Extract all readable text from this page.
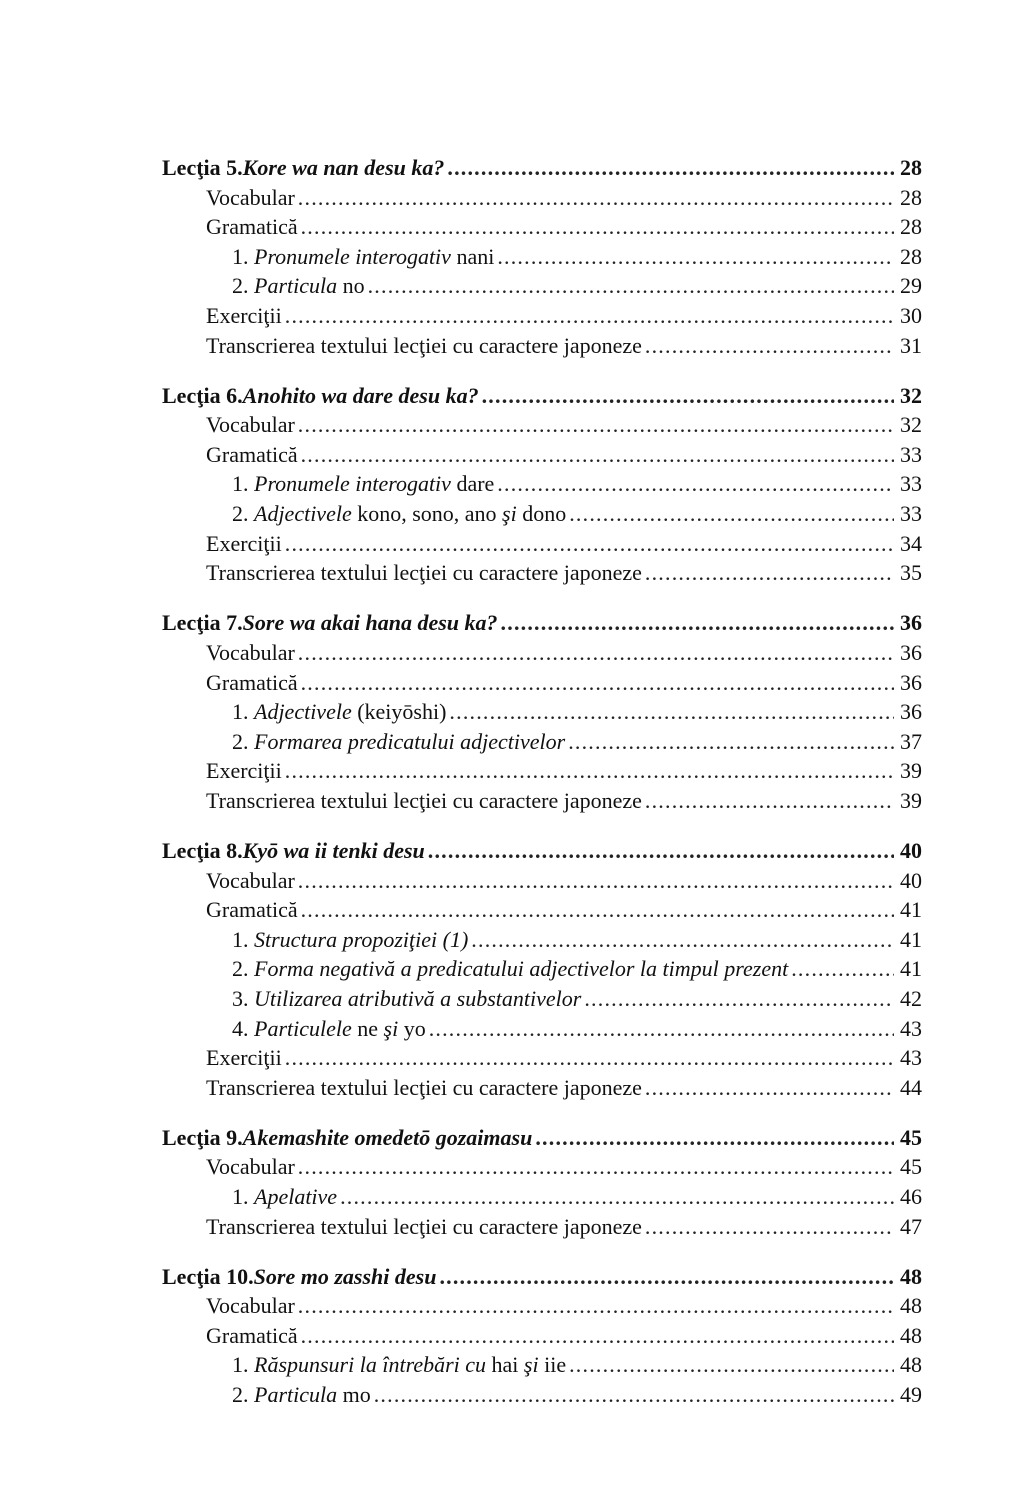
Lecţia 5. Kore wa nan desu ka? .....	28
Vocabular .....	28
Gramatică .....	28
1. Pronumele interogativ nani .....	28
2. Particula no .....	29
Exerciţii .....	30
Transcrierea textului lecţiei cu caractere japoneze .....	31
Lecţia 6. Anohito wa dare desu ka? .....	32
Vocabular .....	32
Gramatică .....	33
1. Pronumele interogativ dare .....	33
2. Adjectivele kono, sono, ano şi dono .....	33
Exerciţii .....	34
Transcrierea textului lecţiei cu caractere japoneze .....	35
Lecţia 7. Sore wa akai hana desu ka? .....	36
Vocabular .....	36
Gramatică .....	36
1. Adjectivele (keiyōshi) .....	36
2. Formarea predicatului adjectivelor .....	37
Exerciţii .....	39
Transcrierea textului lecţiei cu caractere japoneze .....	39
Lecţia 8. Kyō wa ii tenki desu .....	40
Vocabular .....	40
Gramatică .....	41
1. Structura propoziţiei (1) .....	41
2. Forma negativă a predicatului adjectivelor la timpul prezent .....	41
3. Utilizarea atributivă a substantivelor .....	42
4. Particulele ne şi yo .....	43
Exerciţii .....	43
Transcrierea textului lecţiei cu caractere japoneze .....	44
Lecţia 9. Akemashite omedetō gozaimasu .....	45
Vocabular .....	45
1. Apelative .....	46
Transcrierea textului lecţiei cu caractere japoneze .....	47
Lecţia 10. Sore mo zasshi desu .....	48
Vocabular .....	48
Gramatică .....	48
1. Răspunsuri la întrebări cu hai şi iie .....	48
2. Particula mo .....	49
